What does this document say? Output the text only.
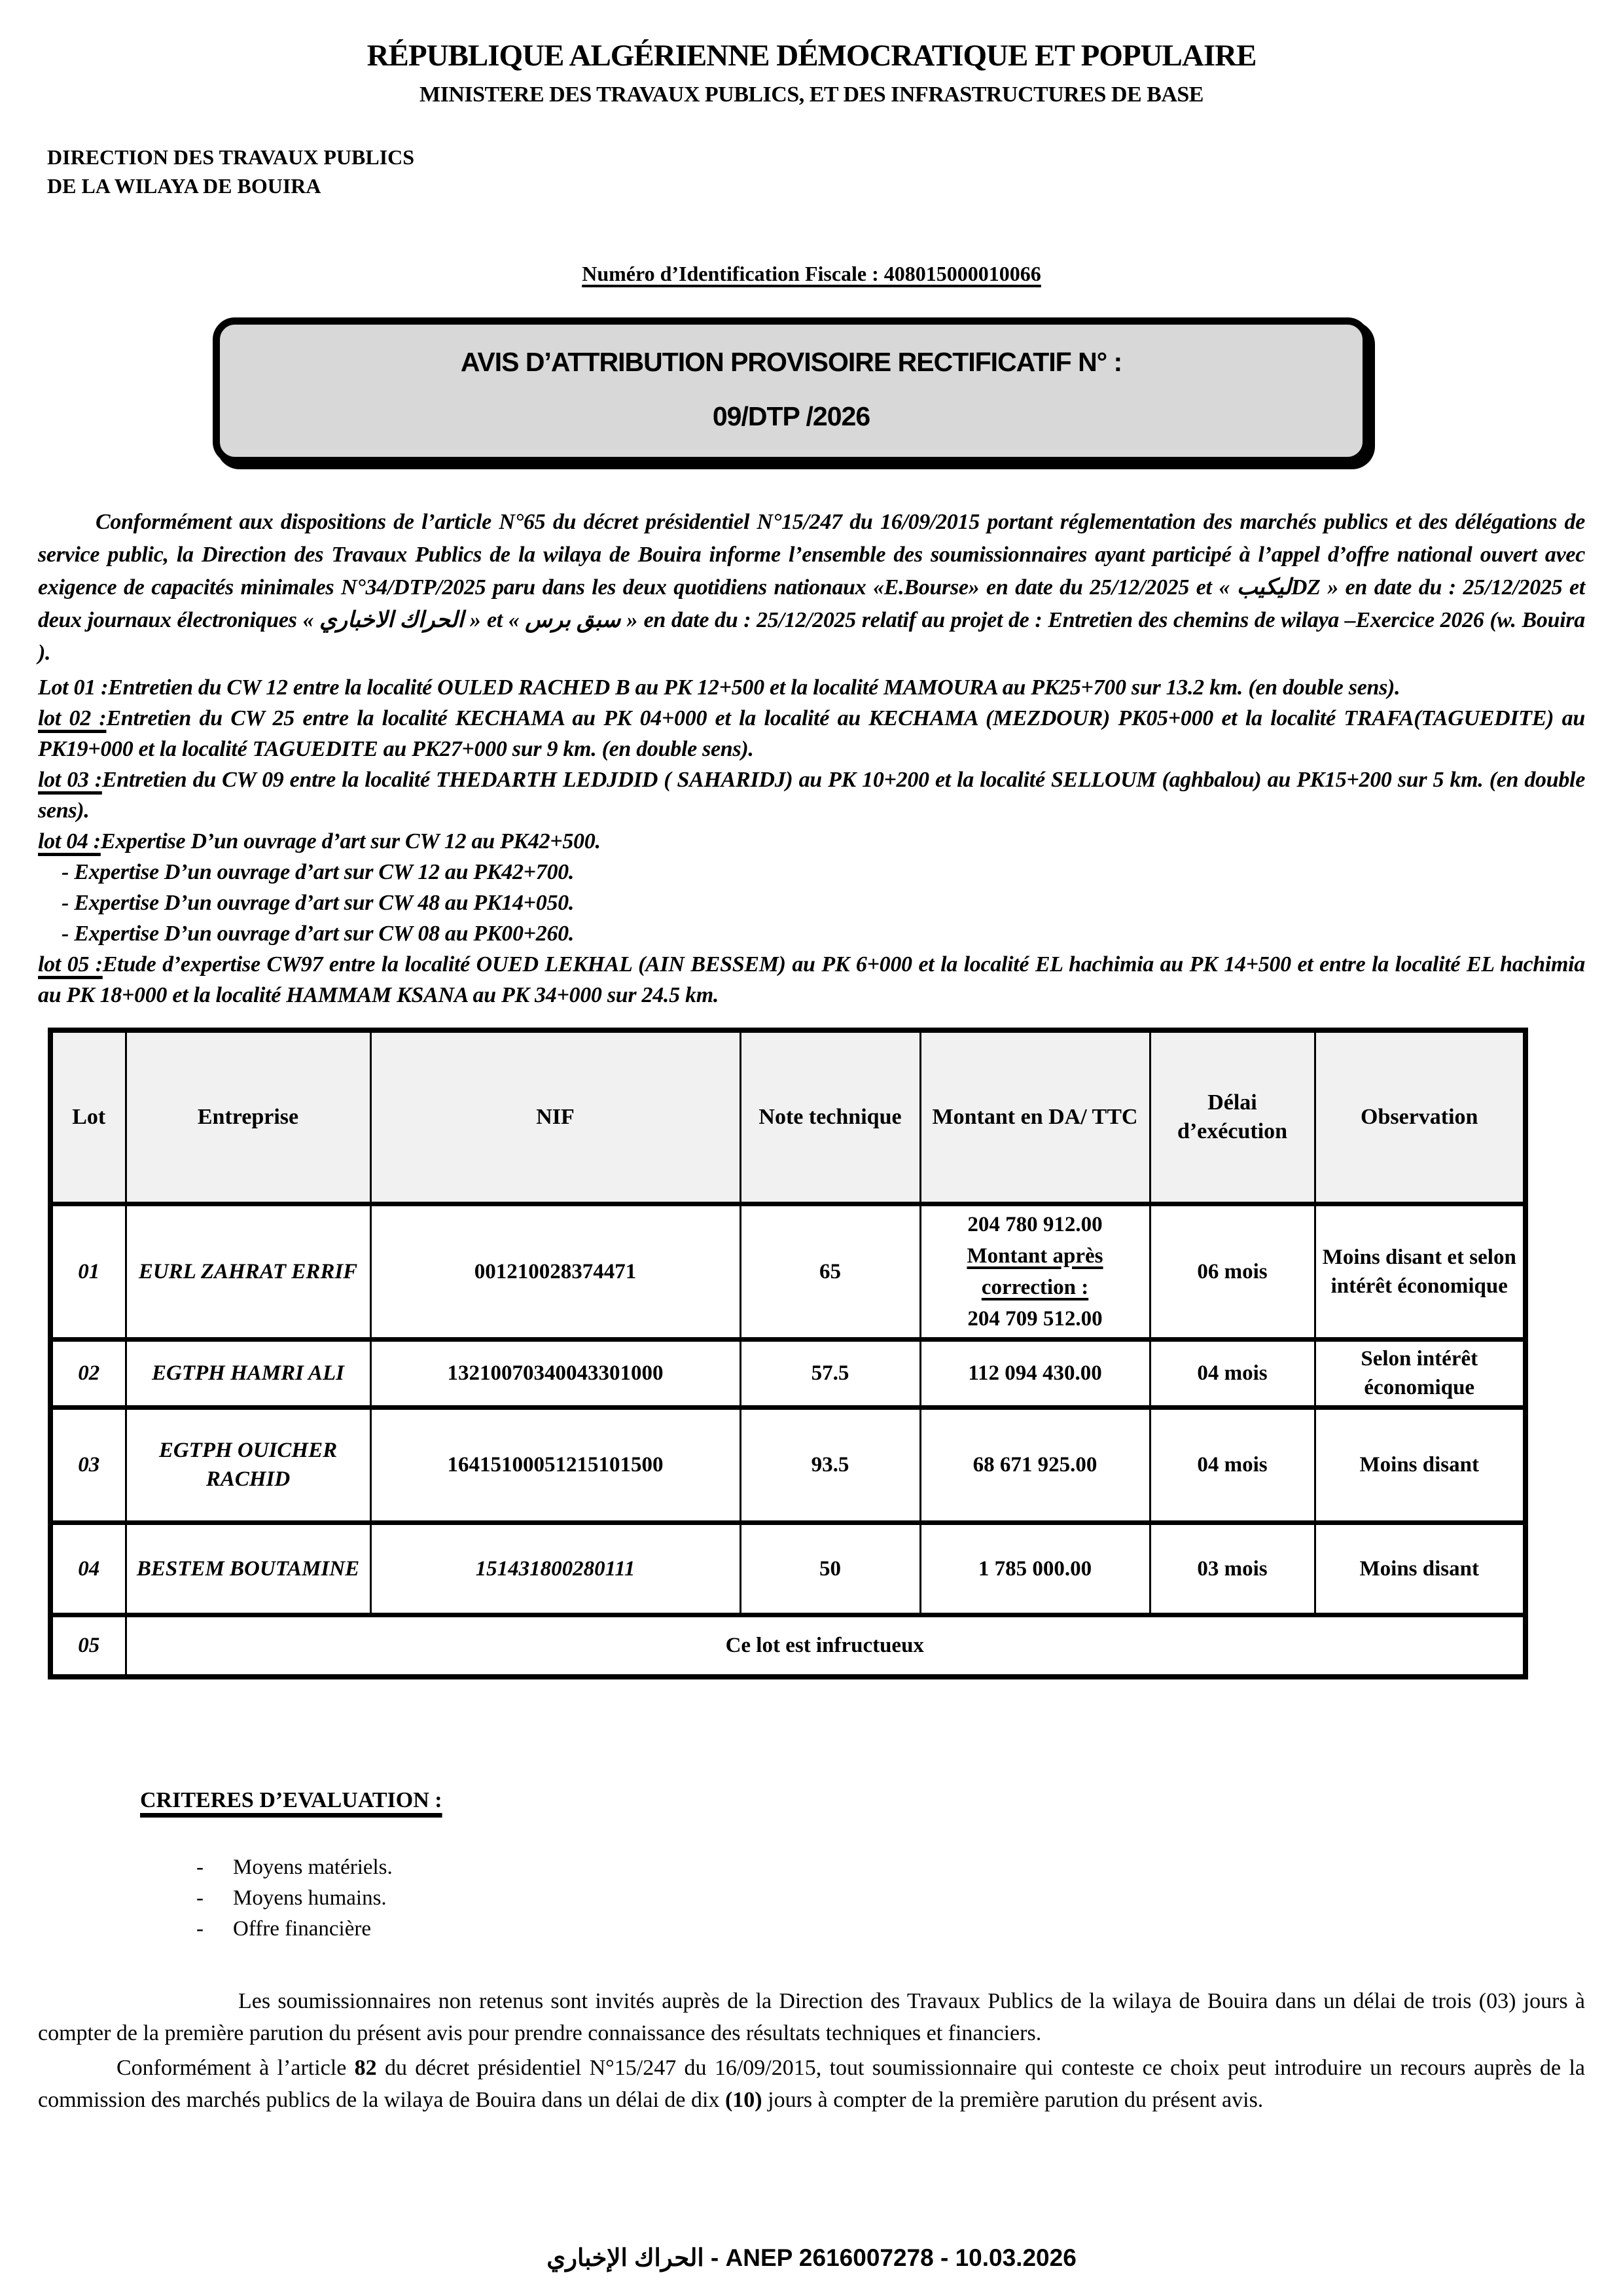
RÉPUBLIQUE ALGÉRIENNE DÉMOCRATIQUE ET POPULAIRE
MINISTERE DES TRAVAUX PUBLICS, ET DES INFRASTRUCTURES DE BASE
DIRECTION DES TRAVAUX PUBLICS
DE LA WILAYA DE BOUIRA
Numéro d’Identification Fiscale : 408015000010066
AVIS D’ATTRIBUTION PROVISOIRE RECTIFICATIF N° :
09/DTP /2026

Conformément aux dispositions de l’article N°65 du décret présidentiel N°15/247 du 16/09/2015 portant réglementation des marchés publics et des délégations de service public, la Direction des Travaux Publics de la wilaya de Bouira informe l’ensemble des soumissionnaires ayant participé à l’appel d’offre national ouvert avec exigence de capacités minimales N°34/DTP/2025 paru dans les deux quotidiens nationaux «E.Bourse» en date du 25/12/2025 et « ليكيبDZ » en date du : 25/12/2025 et deux journaux électroniques « الحراك الاخباري » et « سبق برس » en date du : 25/12/2025 relatif au projet de : Entretien des chemins de wilaya –Exercice 2026 (w. Bouira ).

Lot 01 :Entretien du CW 12 entre la localité OULED RACHED B au PK 12+500 et la localité MAMOURA au PK25+700 sur 13.2 km. (en double sens).

lot 02 :Entretien du CW 25 entre la localité KECHAMA au PK 04+000 et la localité au KECHAMA (MEZDOUR) PK05+000 et la localité TRAFA(TAGUEDITE) au PK19+000 et la localité TAGUEDITE au PK27+000 sur 9 km. (en double sens).

lot 03 :Entretien du CW 09 entre la localité THEDARTH LEDJDID ( SAHARIDJ) au PK 10+200 et la localité SELLOUM (aghbalou) au PK15+200 sur 5 km. (en double sens).

lot 04 :Expertise D’un ouvrage d’art sur CW 12 au PK42+500.

- Expertise D’un ouvrage d’art sur CW 12 au PK42+700.

- Expertise D’un ouvrage d’art sur CW 48 au PK14+050.

- Expertise D’un ouvrage d’art sur CW 08 au PK00+260.

lot 05 :Etude d’expertise CW97 entre la localité OUED LEKHAL (AIN BESSEM) au PK 6+000 et la localité EL hachimia au PK 14+500 et entre la localité EL hachimia au PK 18+000 et la localité HAMMAM KSANA au PK 34+000 sur 24.5 km.

Lot	Entreprise	NIF	Note technique	Montant en DA/ TTC	Délai d’exécution	Observation
01	EURL ZAHRAT ERRIF	001210028374471	65	204 780 912.00
Montant après correction :
204 709 512.00	06 mois	Moins disant et selon intérêt économique
02	EGTPH HAMRI ALI	13210070340043301000	57.5	112 094 430.00	04 mois	Selon intérêt économique
03	EGTPH OUICHER RACHID	16415100051215101500	93.5	68 671 925.00	04 mois	Moins disant
04	BESTEM BOUTAMINE	151431800280111	50	1 785 000.00	03 mois	Moins disant
05	Ce lot est infructueux					
CRITERES D’EVALUATION :
- Moyens matériels.
- Moyens humains.
- Offre financière

Les soumissionnaires non retenus sont invités auprès de la Direction des Travaux Publics de la wilaya de Bouira dans un délai de trois (03) jours à compter de la première parution du présent avis pour prendre connaissance des résultats techniques et financiers.

Conformément à l’article 82 du décret présidentiel N°15/247 du 16/09/2015, tout soumissionnaire qui conteste ce choix peut introduire un recours auprès de la commission des marchés publics de la wilaya de Bouira dans un délai de dix (10) jours à compter de la première parution du présent avis.

الحراك الإخباري - ANEP 2616007278 - 10.03.2026
